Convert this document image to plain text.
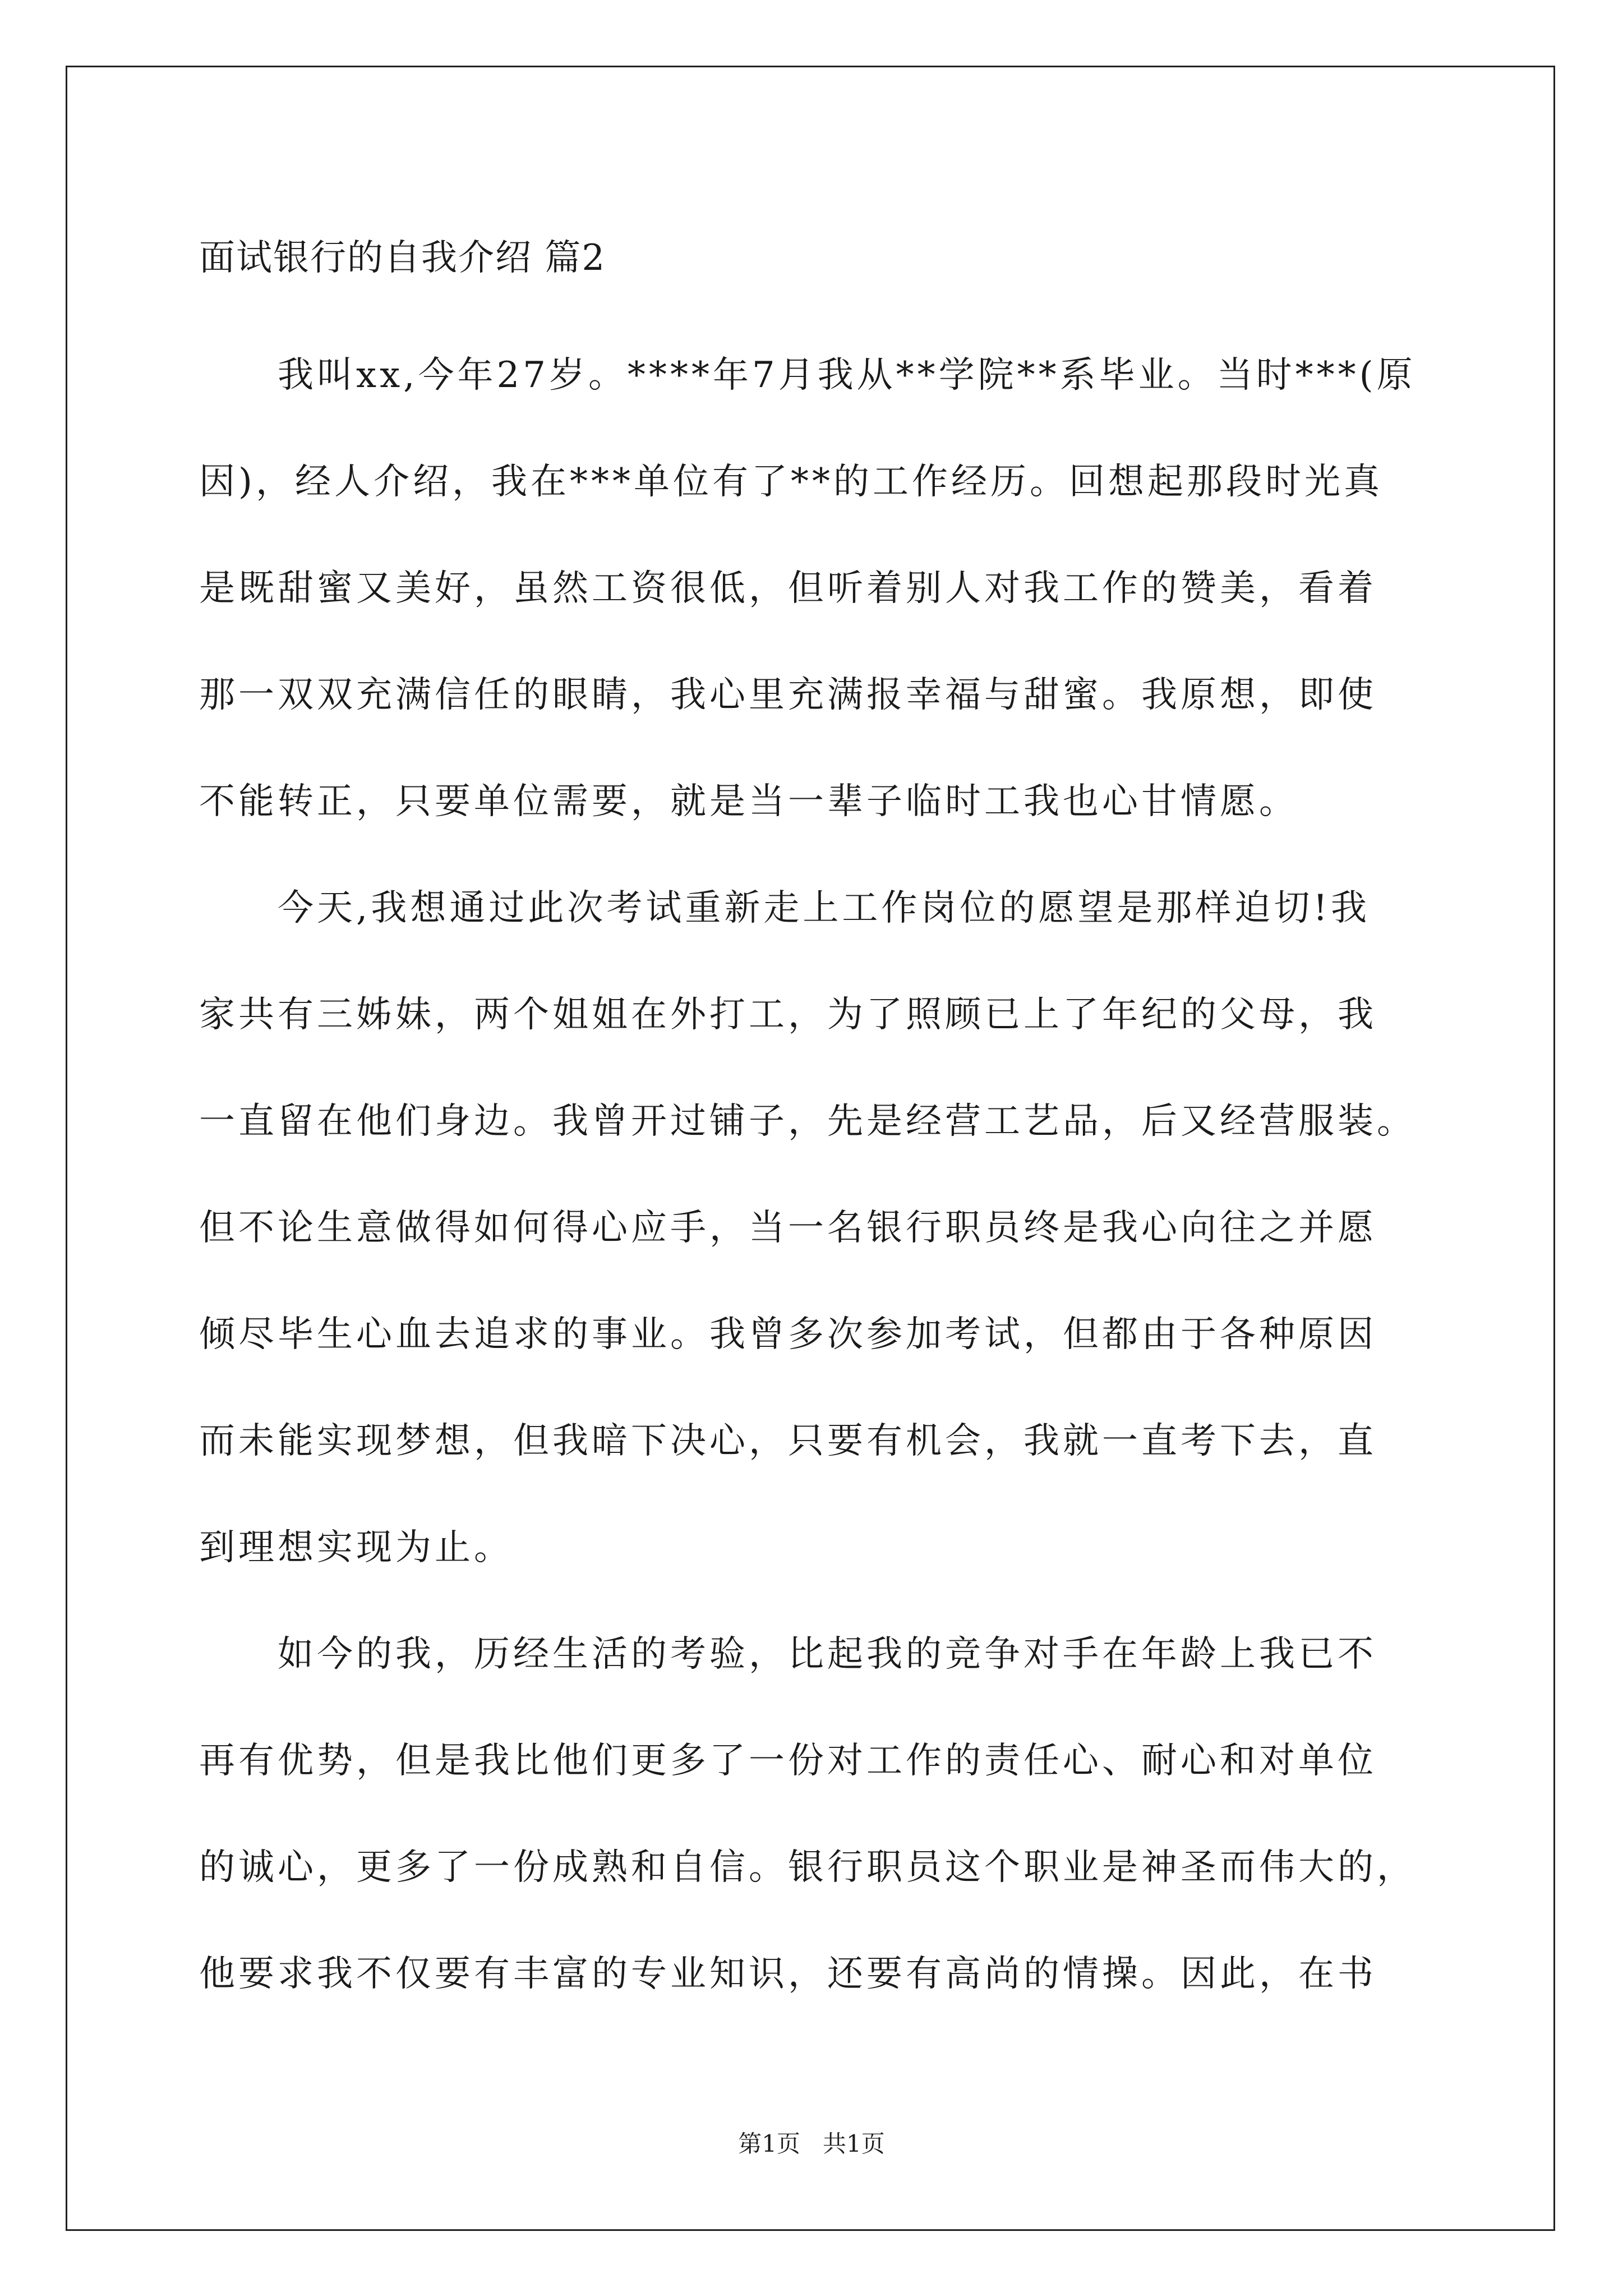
面试银行的自我介绍 篇2

我叫xx,今年27岁。****年7月我从**学院**系毕业。当时***(原

因)，经人介绍，我在***单位有了**的工作经历。回想起那段时光真

是既甜蜜又美好，虽然工资很低，但听着别人对我工作的赞美，看着

那一双双充满信任的眼睛，我心里充满报幸福与甜蜜。我原想，即使

不能转正，只要单位需要，就是当一辈子临时工我也心甘情愿。

今天,我想通过此次考试重新走上工作岗位的愿望是那样迫切!我

家共有三姊妹，两个姐姐在外打工，为了照顾已上了年纪的父母，我

一直留在他们身边。我曾开过铺子，先是经营工艺品，后又经营服装。

但不论生意做得如何得心应手，当一名银行职员终是我心向往之并愿

倾尽毕生心血去追求的事业。我曾多次参加考试，但都由于各种原因

而未能实现梦想，但我暗下决心，只要有机会，我就一直考下去，直

到理想实现为止。

如今的我，历经生活的考验，比起我的竞争对手在年龄上我已不

再有优势，但是我比他们更多了一份对工作的责任心、耐心和对单位

的诚心，更多了一份成熟和自信。银行职员这个职业是神圣而伟大的，

他要求我不仅要有丰富的专业知识，还要有高尚的情操。因此，在书

第1页   共1页
